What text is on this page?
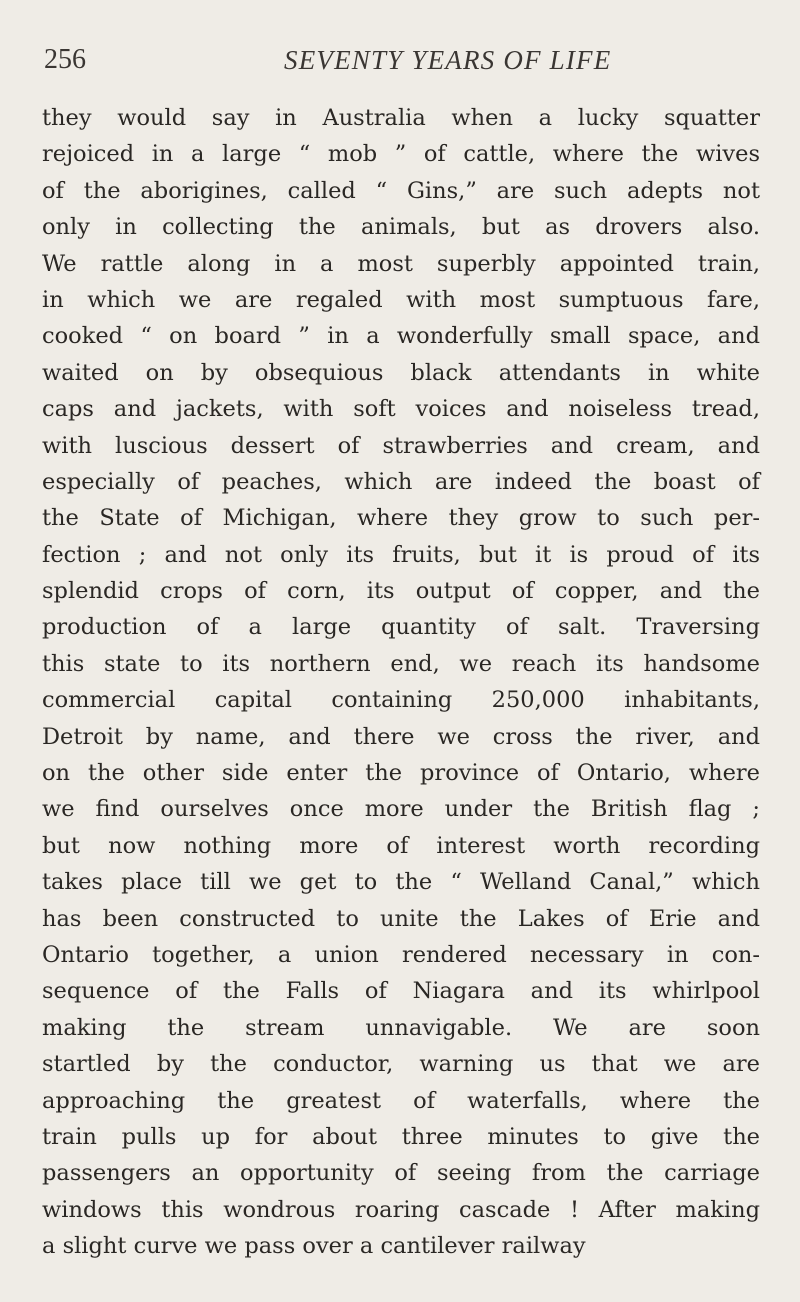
256	SEVENTY YEARS OF LIFE
they would say in Australia when a lucky squatter
rejoiced in a large “ mob ” of cattle, where the wives
of the aborigines, called “ Gins,” are such adepts not
only in collecting the animals, but as drovers also.
We rattle along in a most superbly appointed train,
in which we are regaled with most sumptuous fare,
cooked “ on board ” in a wonderfully small space, and
waited on by obsequious black attendants in white
caps and jackets, with soft voices and noiseless tread,
with luscious dessert of strawberries and cream, and
especially of peaches, which are indeed the boast of
the State of Michigan, where they grow to such per-
fection ; and not only its fruits, but it is proud of its
splendid crops of corn, its output of copper, and the
production of a large quantity of salt. Traversing
this state to its northern end, we reach its handsome
commercial capital containing 250,000 inhabitants,
Detroit by name, and there we cross the river, and
on the other side enter the province of Ontario, where
we find ourselves once more under the British flag ;
but now nothing more of interest worth recording
takes place till we get to the “ Welland Canal,” which
has been constructed to unite the Lakes of Erie and
Ontario together, a union rendered necessary in con-
sequence of the Falls of Niagara and its whirlpool
making the stream unnavigable. We are soon
startled by the conductor, warning us that we are
approaching the greatest of waterfalls, where the
train pulls up for about three minutes to give the
passengers an opportunity of seeing from the carriage
windows this wondrous roaring cascade ! After making
a slight curve we pass over a cantilever railway
